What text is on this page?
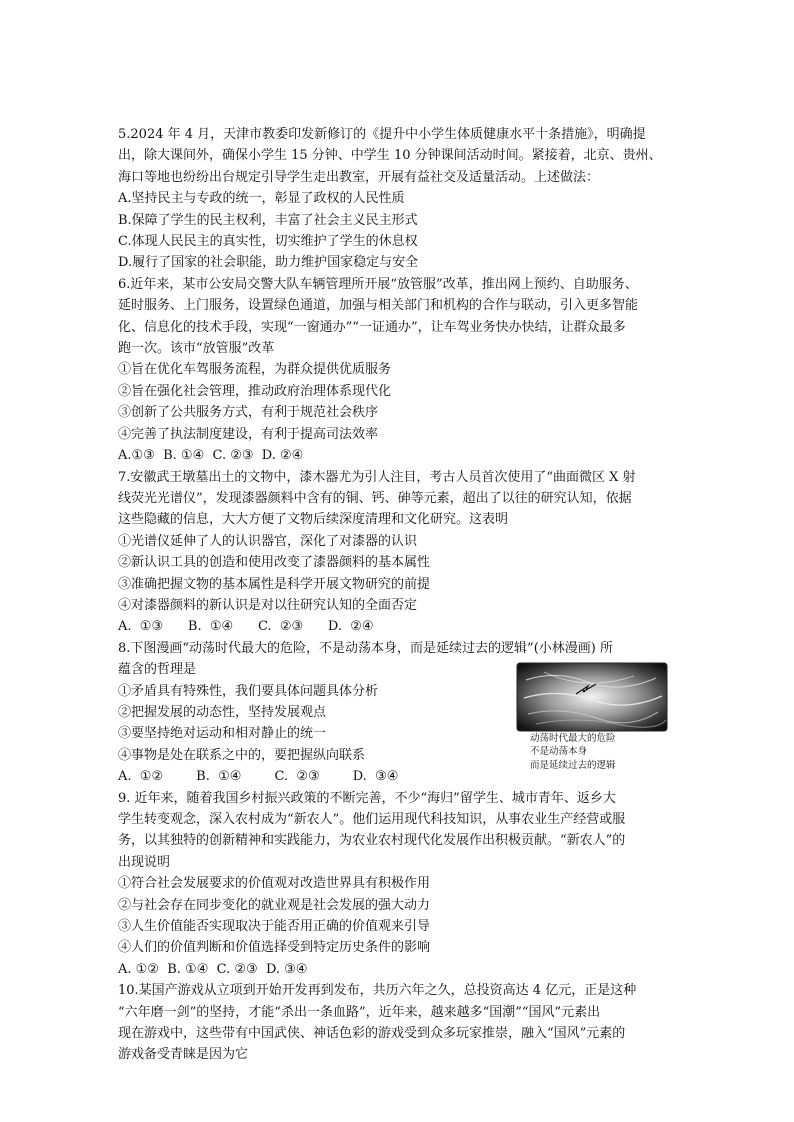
5.2024 年 4 月，天津市教委印发新修订的《提升中小学生体质健康水平十条措施》，明确提
出，除大课间外，确保小学生 15 分钟、中学生 10 分钟课间活动时间。紧接着，北京、贵州、
海口等地也纷纷出台规定引导学生走出教室，开展有益社交及适量活动。上述做法：
A.坚持民主与专政的统一，彰显了政权的人民性质
B.保障了学生的民主权利，丰富了社会主义民主形式
C.体现人民民主的真实性，切实维护了学生的休息权
D.履行了国家的社会职能，助力维护国家稳定与安全
6.近年来，某市公安局交警大队车辆管理所开展“放管服”改革，推出网上预约、自助服务、
延时服务、上门服务，设置绿色通道，加强与相关部门和机构的合作与联动，引入更多智能
化、信息化的技术手段，实现“一窗通办”“一证通办”，让车驾业务快办快结，让群众最多
跑一次。该市“放管服”改革
①旨在优化车驾服务流程，为群众提供优质服务
②旨在强化社会管理，推动政府治理体系现代化
③创新了公共服务方式，有利于规范社会秩序
④完善了执法制度建设，有利于提高司法效率
A.①③  B. ①④  C. ②③  D. ②④
7.安徽武王墩墓出土的文物中，漆木器尤为引人注目，考古人员首次使用了“曲面微区 X 射
线荧光光谱仪”，发现漆器颜料中含有的铜、钙、砷等元素，超出了以往的研究认知，依据
这些隐藏的信息，大大方便了文物后续深度清理和文化研究。这表明
①光谱仪延伸了人的认识器官，深化了对漆器的认识
②新认识工具的创造和使用改变了漆器颜料的基本属性
③准确把握文物的基本属性是科学开展文物研究的前提
④对漆器颜料的新认识是对以往研究认知的全面否定
A.  ①③      B.  ①④      C.  ②③      D.  ②④
8.下图漫画“动荡时代最大的危险，不是动荡本身，而是延续过去的逻辑”(小林漫画) 所
蕴含的哲理是
①矛盾具有特殊性，我们要具体问题具体分析
②把握发展的动态性，坚持发展观点
③要坚持绝对运动和相对静止的统一
④事物是处在联系之中的，要把握纵向联系
A.  ①②        B.  ①④        C.  ②③        D.  ③④
动荡时代最大的危险
不是动荡本身
而是延续过去的逻辑
9. 近年来，随着我国乡村振兴政策的不断完善，不少“海归”留学生、城市青年、返乡大
学生转变观念，深入农村成为“新农人”。他们运用现代科技知识，从事农业生产经营或服
务，以其独特的创新精神和实践能力，为农业农村现代化发展作出积极贡献。“新农人”的
出现说明
①符合社会发展要求的价值观对改造世界具有积极作用
②与社会存在同步变化的就业观是社会发展的强大动力
③人生价值能否实现取决于能否用正确的价值观来引导
④人们的价值判断和价值选择受到特定历史条件的影响
A. ①②  B. ①④  C. ②③  D. ③④
10.某国产游戏从立项到开始开发再到发布，共历六年之久，总投资高达 4 亿元，正是这种
“六年磨一剑”的坚持，才能“杀出一条血路”，近年来，越来越多“国潮”“国风”元素出
现在游戏中，这些带有中国武侠、神话色彩的游戏受到众多玩家推崇，融入“国风”元素的
游戏备受青睐是因为它
